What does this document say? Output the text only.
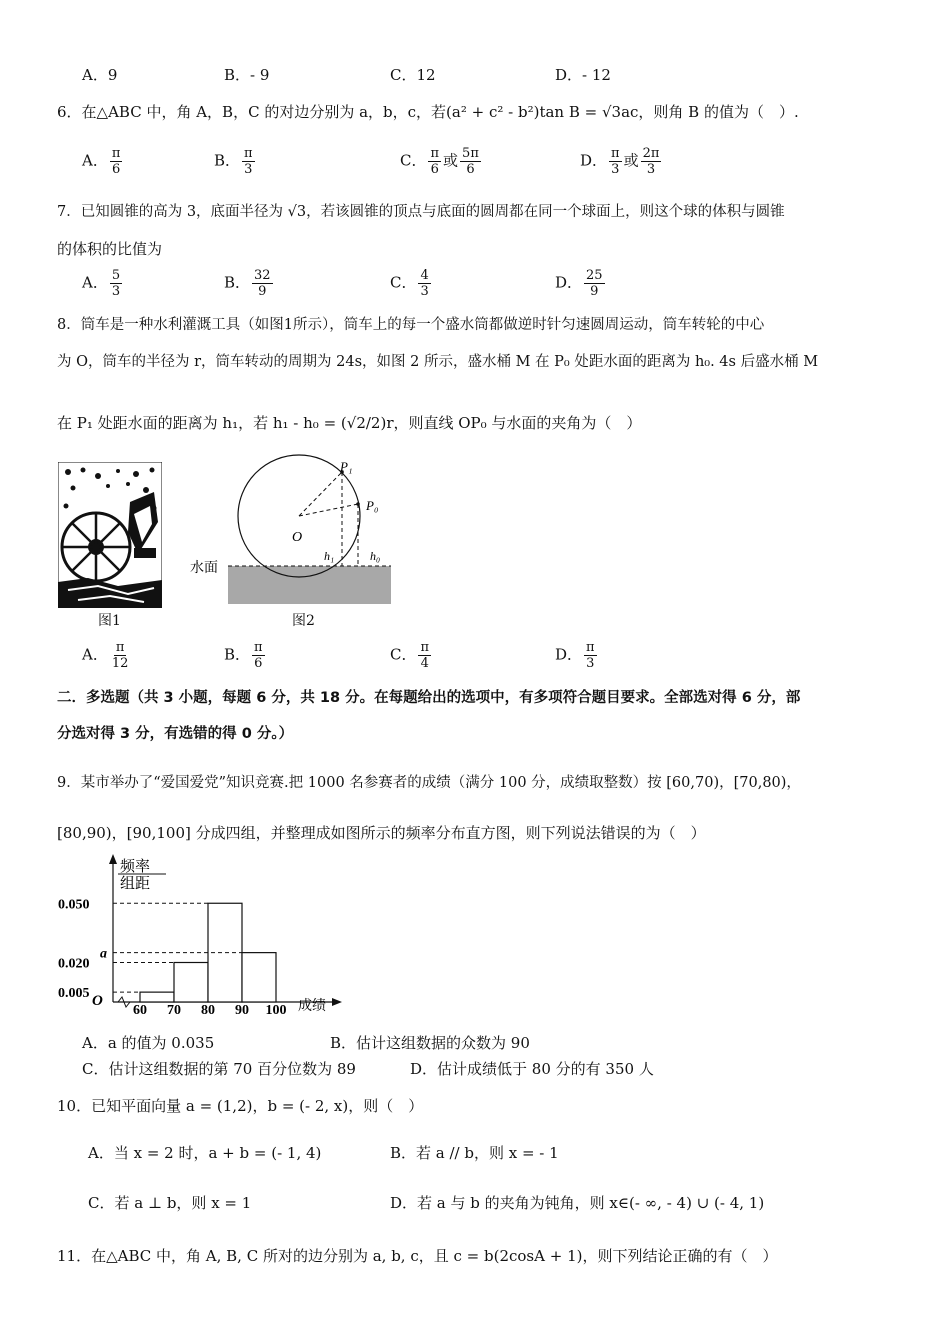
A．9	B．- 9	C．12	D．- 12
6．在△ABC 中，角 A，B，C 的对边分别为 a，b，c，若(a² + c² - b²)tan B = √3ac，则角 B 的值为（　）.
A． $\frac{\pi}{6}$	B． $\frac{\pi}{3}$	C． $\frac{\pi}{6}$ 或 $\frac{5\pi}{6}$	D． $\frac{\pi}{3}$ 或 $\frac{2\pi}{3}$
7．已知圆锥的高为 3，底面半径为 √3，若该圆锥的顶点与底面的圆周都在同一个球面上，则这个球的体积与圆锥
的体积的比值为
A． $\frac{5}{3}$	B． $\frac{32}{9}$	C． $\frac{4}{3}$	D． $\frac{25}{9}$
8．筒车是一种水利灌溉工具（如图1所示），筒车上的每一个盛水筒都做逆时针匀速圆周运动，筒车转轮的中心
为 O，筒车的半径为 r，筒车转动的周期为 24s，如图 2 所示，盛水桶 M 在 P₀ 处距水面的距离为 h₀. 4s 后盛水桶 M
在 P₁ 处距水面的距离为 h₁，若 h₁ - h₀ = (√2/2)r，则直线 OP₀ 与水面的夹角为（　）
图1
P₁
P₀
O
h₁	h₀
水面
图2
A． $\frac{\pi}{12}$	B． $\frac{\pi}{6}$	C． $\frac{\pi}{4}$	D． $\frac{\pi}{3}$
二．多选题（共 3 小题，每题 6 分，共 18 分。在每题给出的选项中，有多项符合题目要求。全部选对得 6 分，部
分选对得 3 分，有选错的得 0 分。）
9．某市举办了“爱国爱党”知识竞赛.把 1000 名参赛者的成绩（满分 100 分，成绩取整数）按 [60,70)，[70,80)，
[80,90)，[90,100] 分成四组，并整理成如图所示的频率分布直方图，则下列说法错误的为（　）
频率
组距
成绩
O
0.050
a
0.020
0.005
60 70 80 90 100
A．a 的值为 0.035	B．估计这组数据的众数为 90
C．估计这组数据的第 70 百分位数为 89	D．估计成绩低于 80 分的有 350 人
10．已知平面向量 a = (1,2)，b = (- 2, x)，则（　）
A．当 x = 2 时，a + b = (- 1, 4)	B．若 a // b，则 x = - 1
C．若 a ⊥ b，则 x = 1	D．若 a 与 b 的夹角为钝角，则 x∈(- ∞, - 4) ∪ (- 4, 1)
11．在△ABC 中，角 A, B, C 所对的边分别为 a, b, c，且 c = b(2cosA + 1)，则下列结论正确的有（　）
